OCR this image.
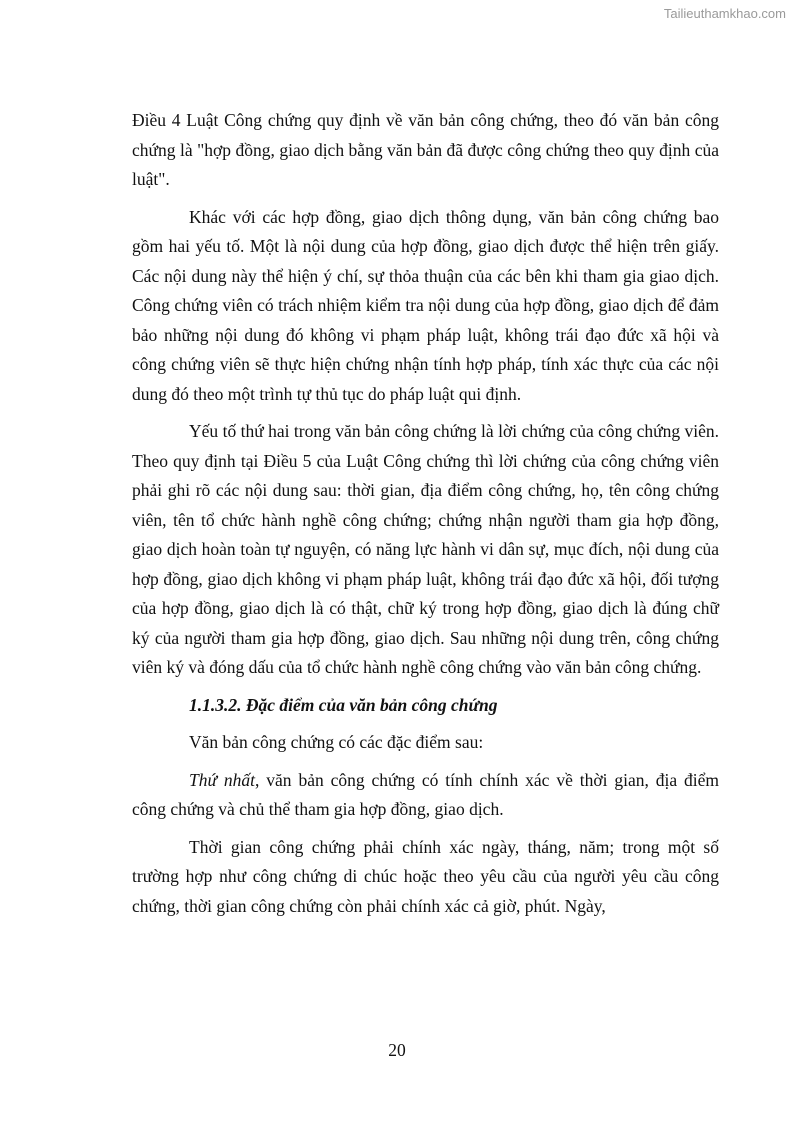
Tailieuthamkhao.com

Điều 4 Luật Công chứng quy định về văn bản công chứng, theo đó văn bản công chứng là "hợp đồng, giao dịch bằng văn bản đã được công chứng theo quy định của luật".

Khác với các hợp đồng, giao dịch thông dụng, văn bản công chứng bao gồm hai yếu tố. Một là nội dung của hợp đồng, giao dịch được thể hiện trên giấy. Các nội dung này thể hiện ý chí, sự thỏa thuận của các bên khi tham gia giao dịch. Công chứng viên có trách nhiệm kiểm tra nội dung của hợp đồng, giao dịch để đảm bảo những nội dung đó không vi phạm pháp luật, không trái đạo đức xã hội và công chứng viên sẽ thực hiện chứng nhận tính hợp pháp, tính xác thực của các nội dung đó theo một trình tự thủ tục do pháp luật qui định.

Yếu tố thứ hai trong văn bản công chứng là lời chứng của công chứng viên. Theo quy định tại Điều 5 của Luật Công chứng thì lời chứng của công chứng viên phải ghi rõ các nội dung sau: thời gian, địa điểm công chứng, họ, tên công chứng viên, tên tổ chức hành nghề công chứng; chứng nhận người tham gia hợp đồng, giao dịch hoàn toàn tự nguyện, có năng lực hành vi dân sự, mục đích, nội dung của hợp đồng, giao dịch không vi phạm pháp luật, không trái đạo đức xã hội, đối tượng của hợp đồng, giao dịch là có thật, chữ ký trong hợp đồng, giao dịch là đúng chữ ký của người tham gia hợp đồng, giao dịch. Sau những nội dung trên, công chứng viên ký và đóng dấu của tổ chức hành nghề công chứng vào văn bản công chứng.

1.1.3.2. Đặc điểm của văn bản công chứng

Văn bản công chứng có các đặc điểm sau:

Thứ nhất, văn bản công chứng có tính chính xác về thời gian, địa điểm công chứng và chủ thể tham gia hợp đồng, giao dịch.

Thời gian công chứng phải chính xác ngày, tháng, năm; trong một số trường hợp như công chứng di chúc hoặc theo yêu cầu của người yêu cầu công chứng, thời gian công chứng còn phải chính xác cả giờ, phút. Ngày,

20
